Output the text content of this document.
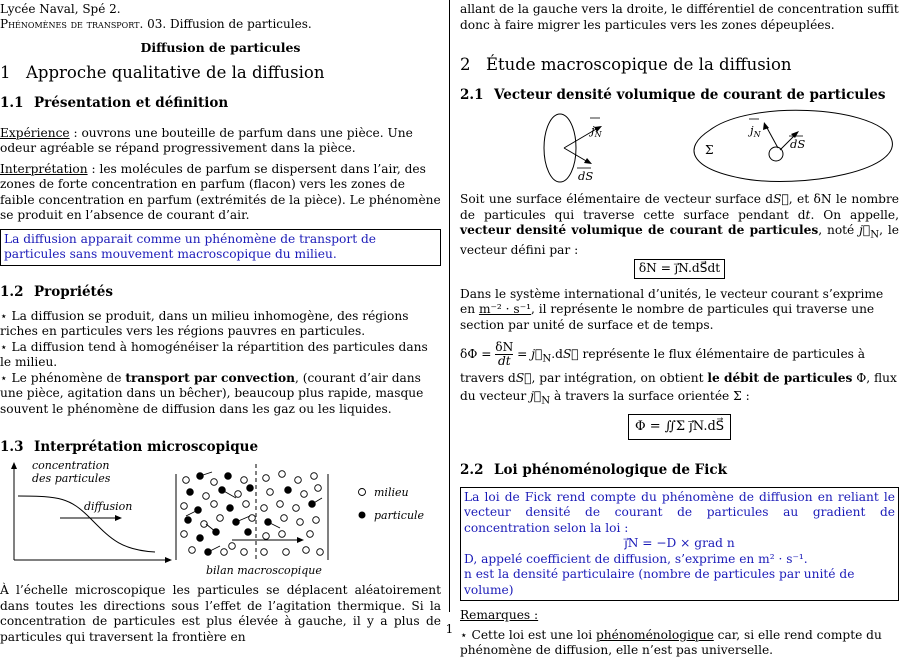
Lycée Naval, Spé 2.

Phénomènes de transport. 03. Diffusion de particules.

Diffusion de particules

1 Approche qualitative de la diffusion
1.1 Présentation et définition

Expérience : ouvrons une bouteille de parfum dans une pièce. Une odeur agréable se répand progressivement dans la pièce.

Interprétation : les molécules de parfum se dispersent dans l’air, des zones de forte concentration en parfum (flacon) vers les zones de faible concentration en parfum (extrémités de la pièce). Le phénomène se produit en l’absence de courant d’air.

La diffusion apparait comme un phénomène de transport de particules sans mouvement macroscopique du milieu.
1.2 Propriétés

⋆ La diffusion se produit, dans un milieu inhomogène, des régions riches en particules vers les régions pauvres en particules.

⋆ La diffusion tend à homogénéiser la répartition des particules dans le milieu.

⋆ Le phénomène de transport par convection, (courant d’air dans une pièce, agitation dans un bêcher), beaucoup plus rapide, masque souvent le phénomène de diffusion dans les gaz ou les liquides.

1.3 Interprétation microscopique
concentration
des particules
diffusion
bilan macroscopique
milieu
particule

À l’échelle microscopique les particules se déplacent aléatoirement dans toutes les directions sous l’effet de l’agitation thermique. Si la concentration de particules est plus élevée à gauche, il y a plus de particules qui traversent la frontière en

allant de la gauche vers la droite, le différentiel de concentration suffit donc à faire migrer les particules vers les zones dépeuplées.

2 Étude macroscopique de la diffusion
2.1 Vecteur densité volumique de courant de particules
$j_N$
dS
Σ
$j_N$
dS

Soit une surface élémentaire de vecteur surface dS⃗, et δN le nombre de particules qui traverse cette surface pendant dt. On appelle, vecteur densité volumique de courant de particules, noté $j⃗_N$, le vecteur défini par :

δN = j⃗N.dS⃗dt

Dans le système international d’unités, le vecteur courant s’exprime en m⁻² · s⁻¹, il représente le nombre de particules qui traverse une section par unité de surface et de temps.

$\delta\Phi = \frac{\delta N}{dt}$ = $j⃗_N.dS⃗$ représente le flux élémentaire de particules à travers dS⃗, par intégration, on obtient le débit de particules Φ, flux du vecteur $j⃗_N$ à travers la surface orientée Σ :

Φ = ∬Σ j⃗N.dS⃗
2.2 Loi phénoménologique de Fick

La loi de Fick rend compte du phénomène de diffusion en reliant le vecteur densité de courant de particules au gradient de concentration selon la loi :

j⃗N = −D × grad n

D, appelé coefficient de diffusion, s’exprime en m² · s⁻¹.

n est la densité particulaire (nombre de particules par unité de volume)

Remarques :

⋆ Cette loi est une loi phénoménologique car, si elle rend compte du phénomène de diffusion, elle n’est pas universelle.

1
